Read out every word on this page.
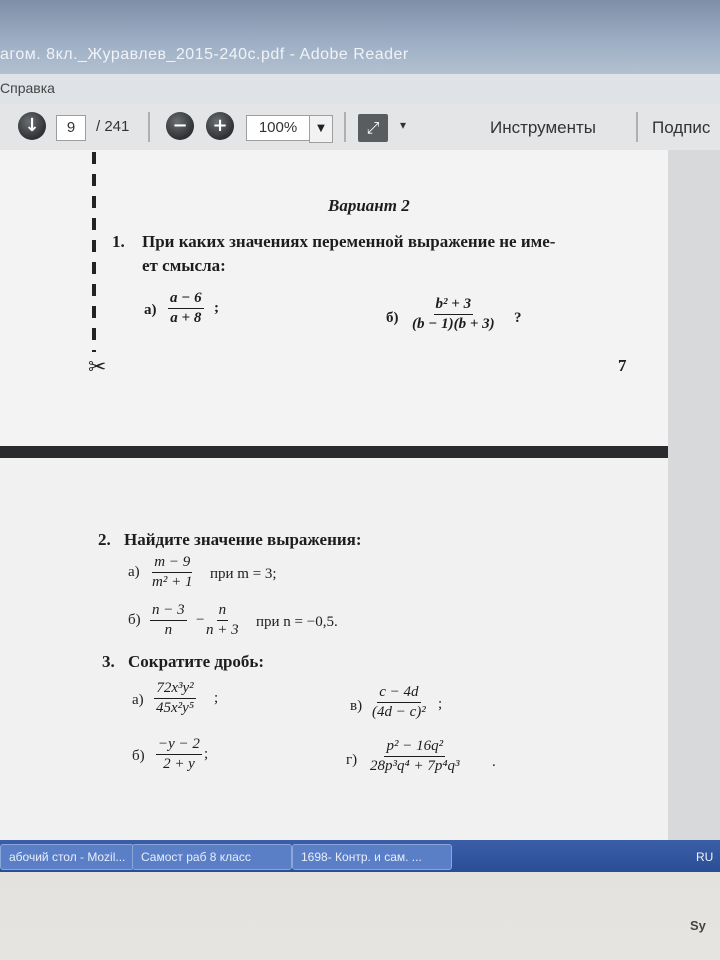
агом. 8кл._Журавлев_2015-240с.pdf - Adobe Reader
Справка
↓	9	/ 241	−	+	100%	▼	⤢	▾	Инструменты	Подпис
✂
Вариант 2
1. При каких значениях переменной выражение не име-
ет смысла:
$а) \frac{a - 6}{a + 8}$ ;
$б) \frac{\text{b² + 3}}{(b - 1)(b + 3)}$ ?
7
2. Найдите значение выражения:
$а) \frac{m - 9}{\text{m² + 1}}$ при m = 3;
$б) \frac{n - 3}{n} - \frac{n}{n + 3}$ при n = −0,5.
3. Сократите дробь:
$а) \frac{\text{72x³y²}}{\text{45x²y⁵}}$ ;	$в) \frac{c - 4d}{\text{(4d − c)²}}$ ;
$б) \frac{-y - 2}{2 + y}$ ;	$г) \frac{\text{p² − 16q²}}{\text{28p³q⁴ + 7p⁴q³}}$ .
абочий стол - Mozil...	Самост раб 8 класс	1698- Контр. и сам. ...	RU
Sy
